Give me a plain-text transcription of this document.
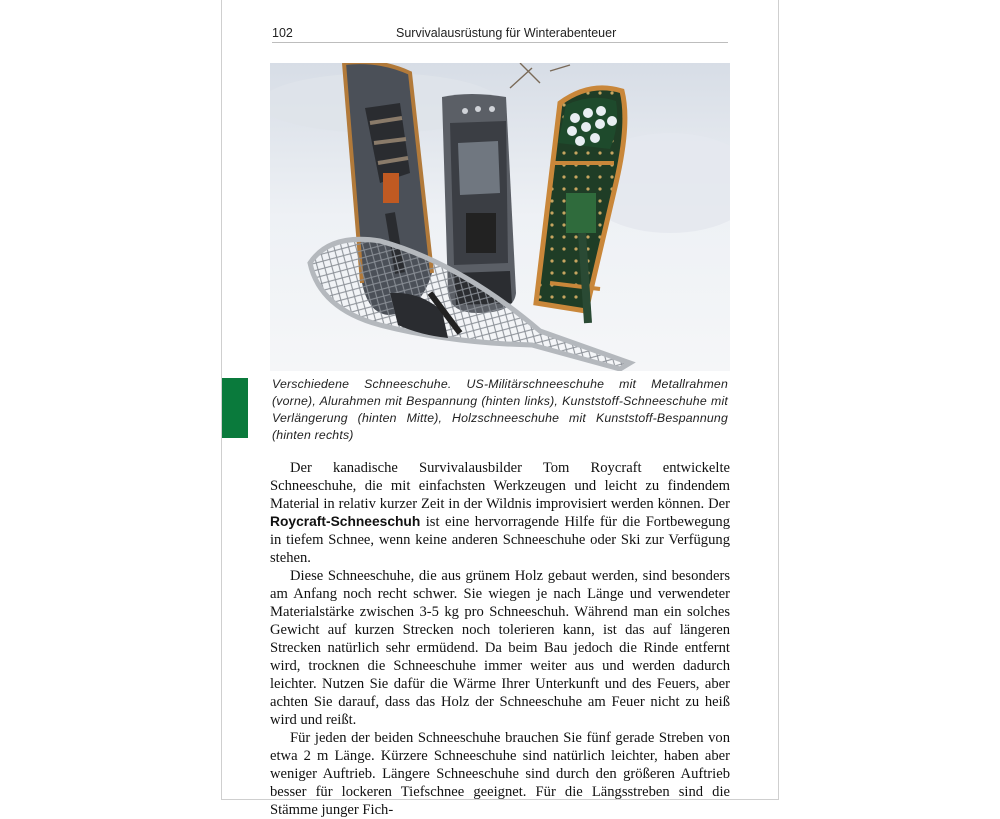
102	Survivalausrüstung für Winterabenteuer
Verschiedene Schneeschuhe. US-Militärschneeschuhe mit Metallrahmen (vorne), Alurahmen mit Bespannung (hinten links), Kunststoff-Schneeschuhe mit Verlängerung (hinten Mitte), Holzschneeschuhe mit Kunststoff-Bespannung (hinten rechts)

Der kanadische Survivalausbilder Tom Roycraft entwickelte Schneeschuhe, die mit einfachsten Werkzeugen und leicht zu findendem Material in relativ kurzer Zeit in der Wildnis improvisiert werden können. Der Roycraft-Schneeschuh ist eine hervorragende Hilfe für die Fortbewegung in tiefem Schnee, wenn keine anderen Schneeschuhe oder Ski zur Verfügung stehen.

Diese Schneeschuhe, die aus grünem Holz gebaut werden, sind besonders am Anfang noch recht schwer. Sie wiegen je nach Länge und verwendeter Materialstärke zwischen 3-5 kg pro Schneeschuh. Während man ein solches Gewicht auf kurzen Strecken noch tolerieren kann, ist das auf längeren Strecken natürlich sehr ermüdend. Da beim Bau jedoch die Rinde entfernt wird, trocknen die Schneeschuhe immer weiter aus und werden dadurch leichter. Nutzen Sie dafür die Wärme Ihrer Unterkunft und des Feuers, aber achten Sie darauf, dass das Holz der Schneeschuhe am Feuer nicht zu heiß wird und reißt.

Für jeden der beiden Schneeschuhe brauchen Sie fünf gerade Streben von etwa 2 m Länge. Kürzere Schneeschuhe sind natürlich leichter, haben aber weniger Auftrieb. Längere Schneeschuhe sind durch den größeren Auftrieb besser für lockeren Tiefschnee geeignet. Für die Längsstreben sind die Stämme junger Fich-
